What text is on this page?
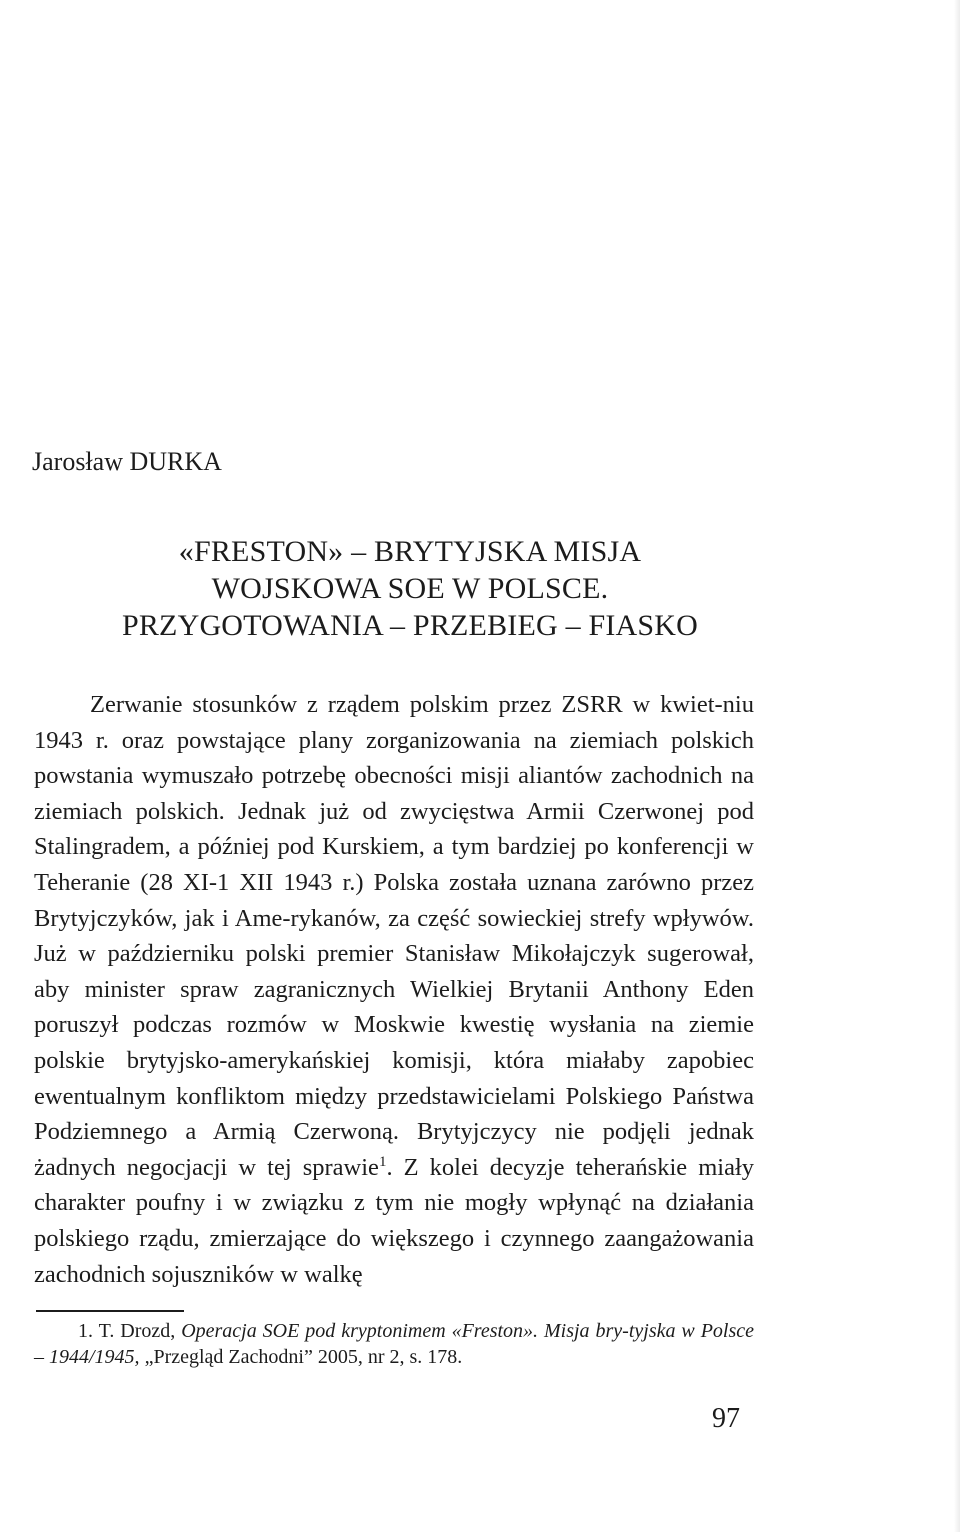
Jarosław DURKA
«FRESTON» – BRYTYJSKA MISJA
WOJSKOWA SOE W POLSCE.
PRZYGOTOWANIA – PRZEBIEG – FIASKO

Zerwanie stosunków z rządem polskim przez ZSRR w kwiet-niu 1943 r. oraz powstające plany zorganizowania na ziemiach polskich powstania wymuszało potrzebę obecności misji aliantów zachodnich na ziemiach polskich. Jednak już od zwycięstwa Armii Czerwonej pod Stalingradem, a później pod Kurskiem, a tym bardziej po konferencji w Teheranie (28 XI-1 XII 1943 r.) Polska została uznana zarówno przez Brytyjczyków, jak i Ame-rykanów, za część sowieckiej strefy wpływów. Już w październiku polski premier Stanisław Mikołajczyk sugerował, aby minister spraw zagranicznych Wielkiej Brytanii Anthony Eden poruszył podczas rozmów w Moskwie kwestię wysłania na ziemie polskie brytyjsko-amerykańskiej komisji, która miałaby zapobiec ewentualnym konfliktom między przedstawicielami Polskiego Państwa Podziemnego a Armią Czerwoną. Brytyjczycy nie podjęli jednak żadnych negocjacji w tej sprawie$^1$. Z kolei decyzje teherańskie miały charakter poufny i w związku z tym nie mogły wpłynąć na działania polskiego rządu, zmierzające do większego i czynnego zaangażowania zachodnich sojuszników w walkę

1. T. Drozd, Operacja SOE pod kryptonimem «Freston». Misja bry-tyjska w Polsce – 1944/1945, „Przegląd Zachodni” 2005, nr 2, s. 178.

97
